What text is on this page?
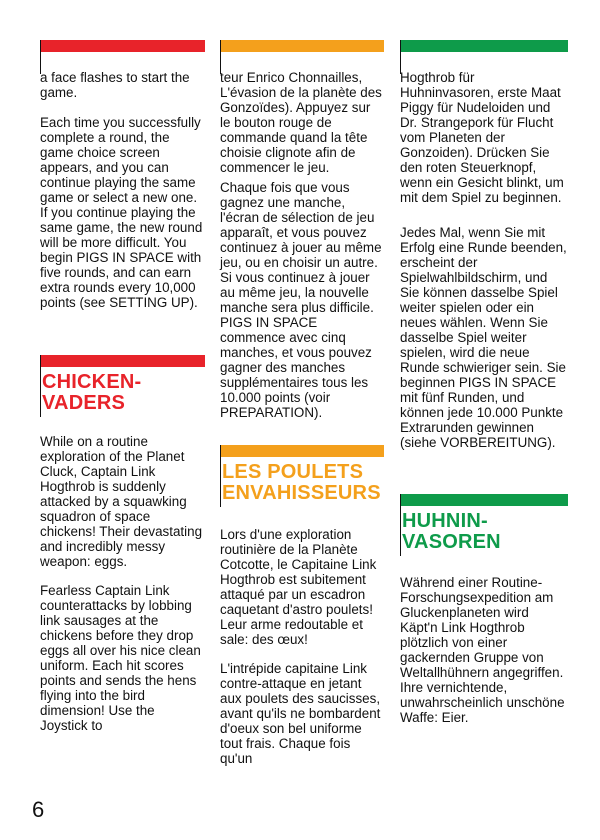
a face flashes to start the game.

Each time you successfully complete a round, the game choice screen appears, and you can continue playing the same game or select a new one. If you continue playing the same game, the new round will be more difficult. You begin PIGS IN SPACE with five rounds, and can earn extra rounds every 10,000 points (see SETTING UP).

CHICKEN-VADERS

While on a routine exploration of the Planet Cluck, Captain Link Hogthrob is suddenly attacked by a squawking squadron of space chickens! Their devastating and incredibly messy weapon: eggs.

Fearless Captain Link counterattacks by lobbing link sausages at the chickens before they drop eggs all over his nice clean uniform. Each hit scores points and sends the hens flying into the bird dimension! Use the Joystick to

teur Enrico Chonnailles, L'évasion de la planète des Gonzoïdes). Appuyez sur le bouton rouge de commande quand la tête choisie clignote afin de commencer le jeu.

Chaque fois que vous gagnez une manche, l'écran de sélection de jeu apparaît, et vous pouvez continuez à jouer au même jeu, ou en choisir un autre. Si vous continuez à jouer au même jeu, la nouvelle manche sera plus difficile. PIGS IN SPACE commence avec cinq manches, et vous pouvez gagner des manches supplémentaires tous les 10.000 points (voir PREPARATION).

LES POULETS ENVAHISSEURS

Lors d'une exploration routinière de la Planète Cotcotte, le Capitaine Link Hogthrob est subitement attaqué par un escadron caquetant d'astro poulets! Leur arme redoutable et sale: des œux!

L'intrépide capitaine Link contre-attaque en jetant aux poulets des saucisses, avant qu'ils ne bombardent d'oeux son bel uniforme tout frais. Chaque fois qu'un

Hogthrob für Huhninvasoren, erste Maat Piggy für Nudeloiden und Dr. Strangepork für Flucht vom Planeten der Gonzoiden). Drücken Sie den roten Steuerknopf, wenn ein Gesicht blinkt, um mit dem Spiel zu beginnen.

Jedes Mal, wenn Sie mit Erfolg eine Runde beenden, erscheint der Spielwahlbildschirm, und Sie können dasselbe Spiel weiter spielen oder ein neues wählen. Wenn Sie dasselbe Spiel weiter spielen, wird die neue Runde schwieriger sein. Sie beginnen PIGS IN SPACE mit fünf Runden, und können jede 10.000 Punkte Extrarunden gewinnen (siehe VORBEREITUNG).

HUHNIN-VASOREN

Während einer Routine-Forschungsexpedition am Gluckenplaneten wird Käpt'n Link Hogthrob plötzlich von einer gackernden Gruppe von Weltallhühnern angegriffen. Ihre vernichtende, unwahrscheinlich unschöne Waffe: Eier.

6
